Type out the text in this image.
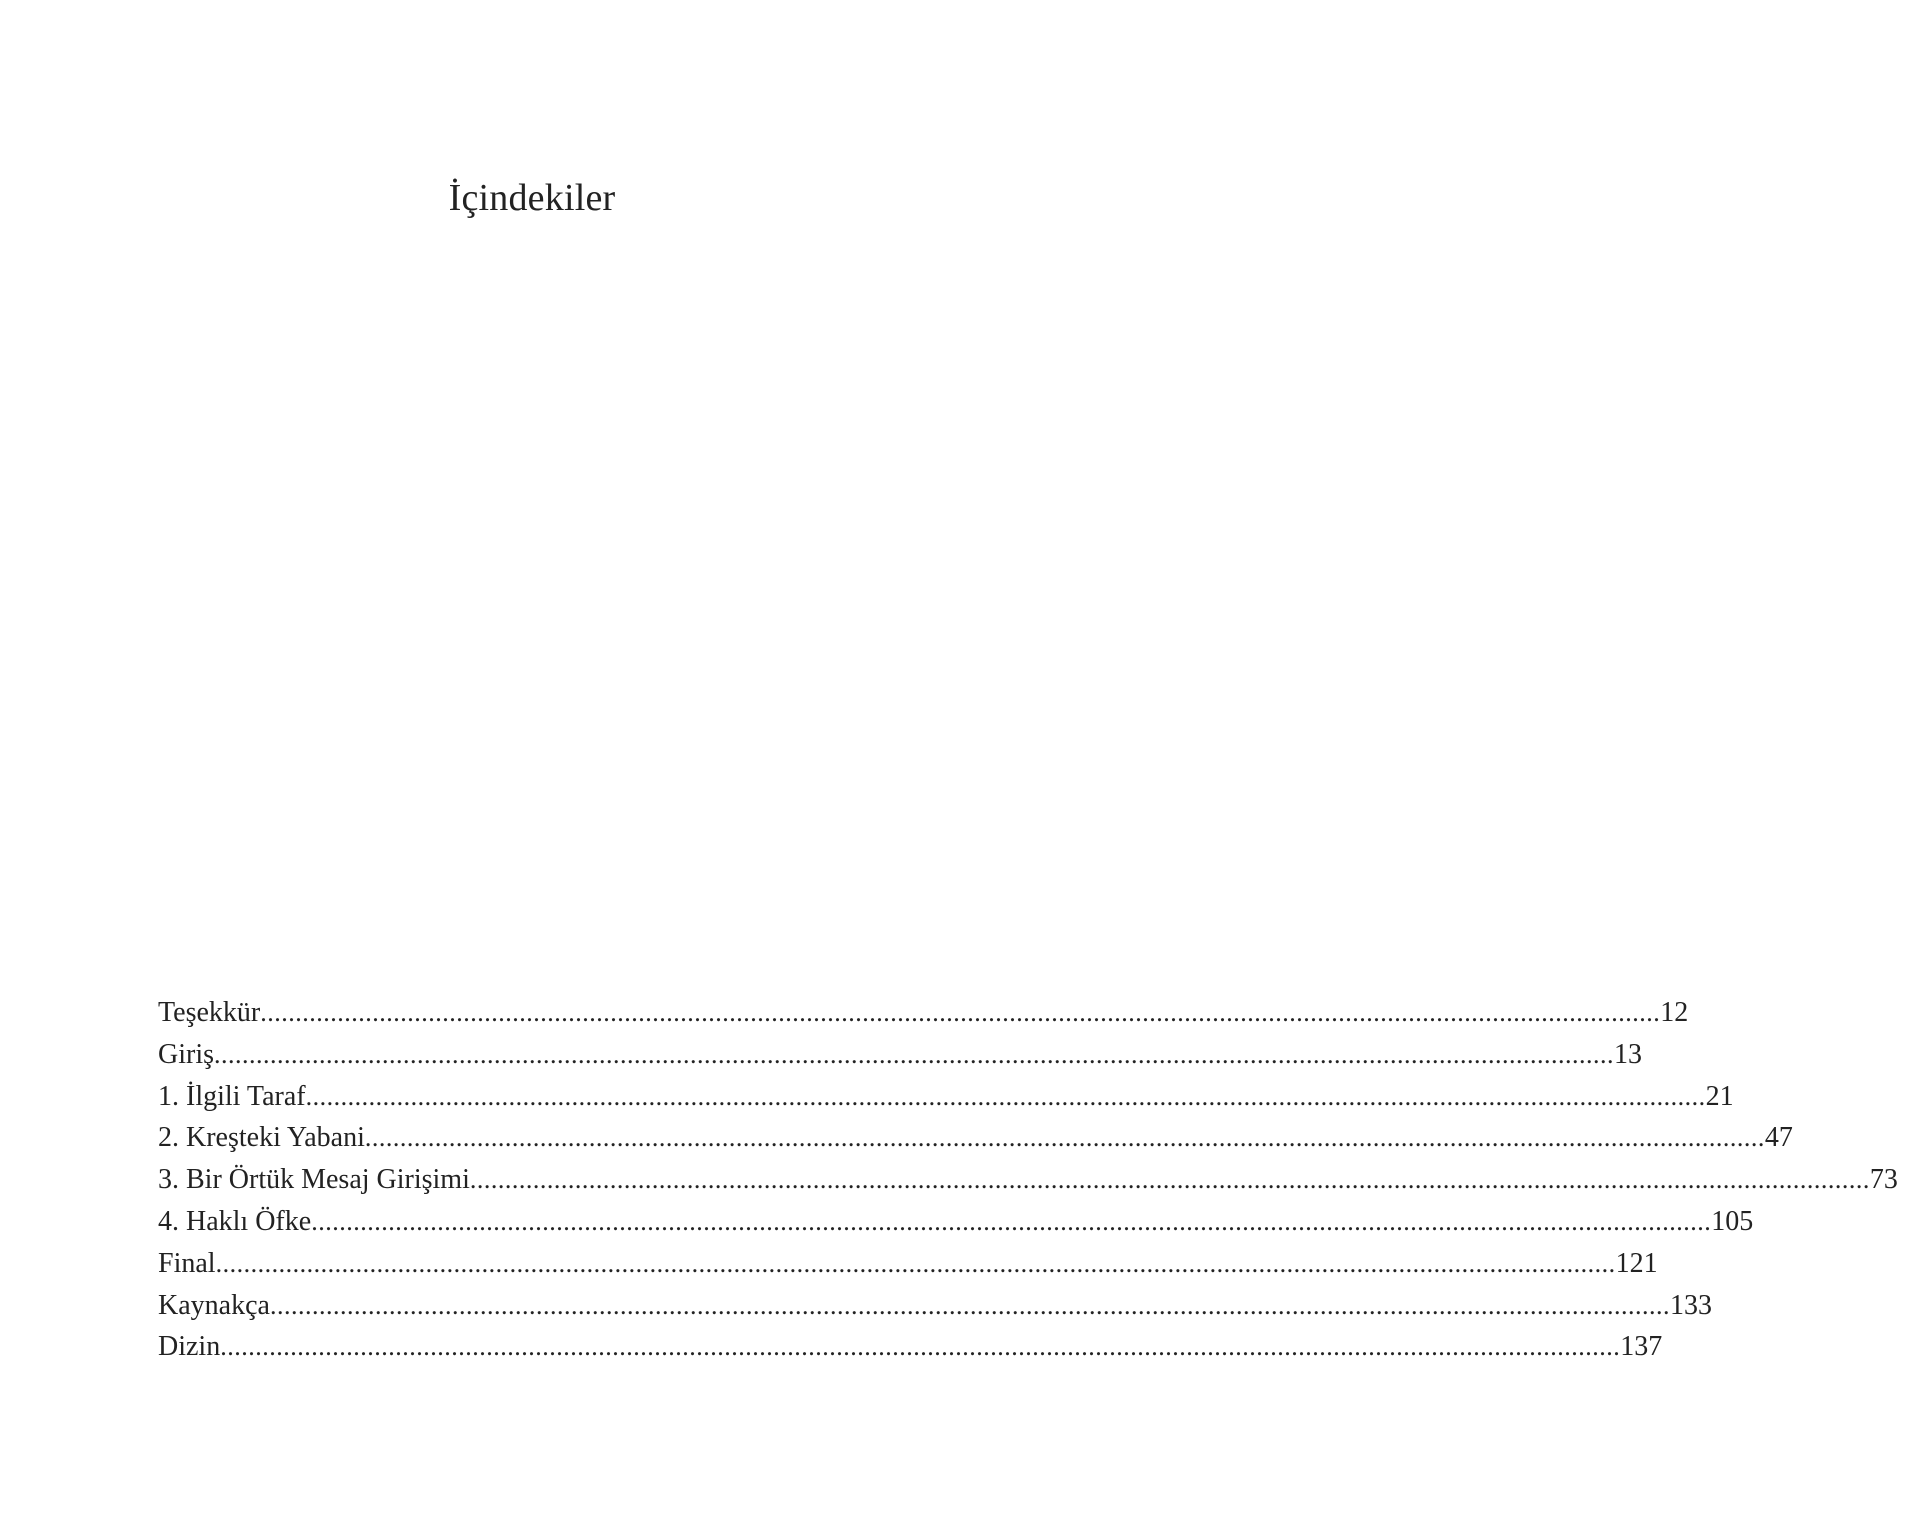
İçindekiler
Teşekkür ........................................................................................................................................................................................................ 12
Giriş ........................................................................................................................................................................................................ 13
1. İlgili Taraf ........................................................................................................................................................................................................ 21
2. Kreşteki Yabani ........................................................................................................................................................................................................ 47
3. Bir Örtük Mesaj Girişimi ........................................................................................................................................................................................................ 73
4. Haklı Öfke ........................................................................................................................................................................................................ 105
Final ........................................................................................................................................................................................................ 121
Kaynakça ........................................................................................................................................................................................................ 133
Dizin ........................................................................................................................................................................................................ 137
